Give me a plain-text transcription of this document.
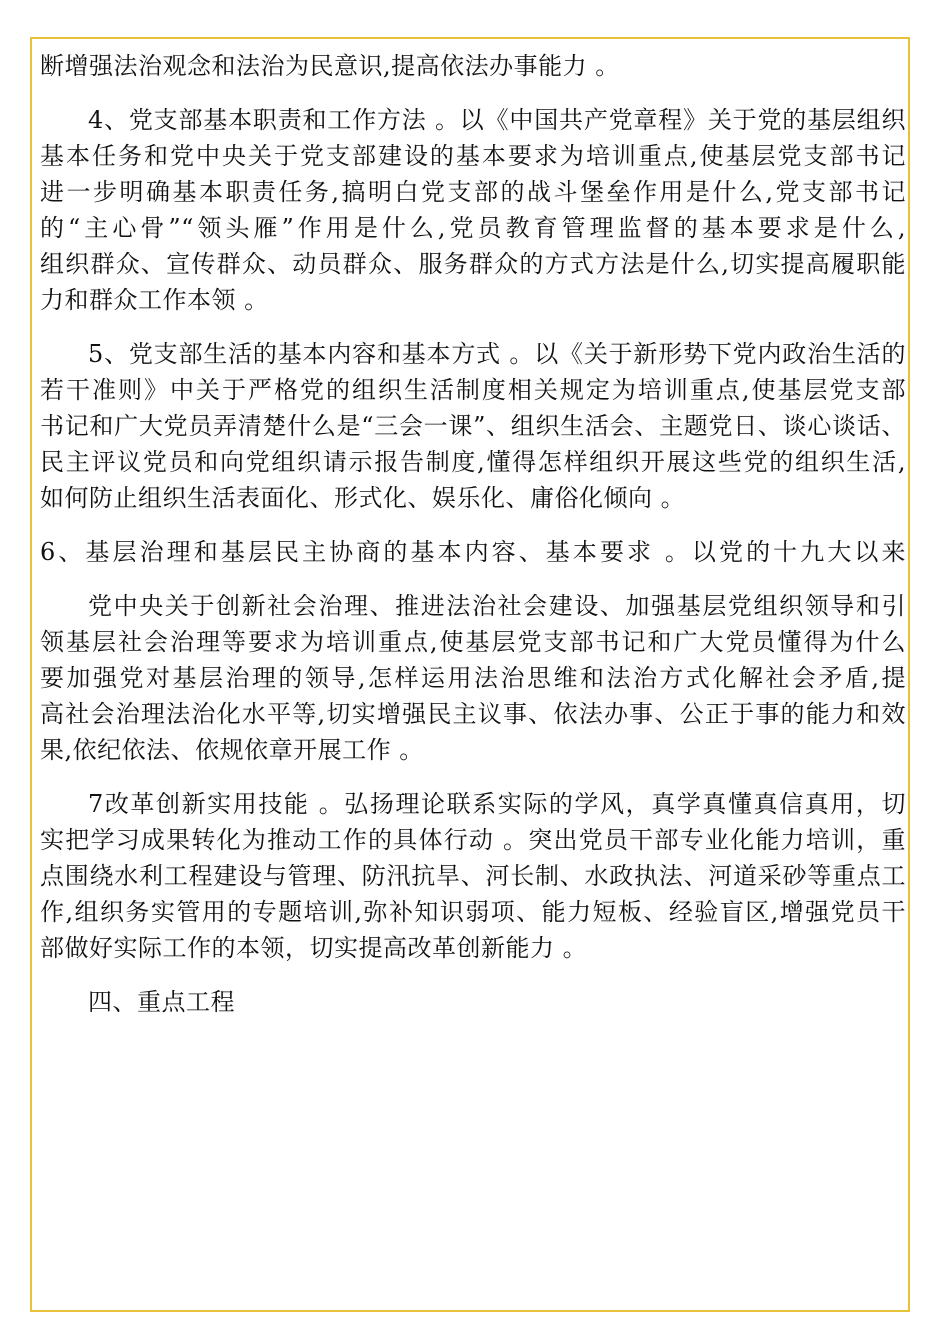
断增强法治观念和法治为民意识,提高依法办事能力 。
4、党支部基本职责和工作方法 。以《中国共产党章程》关于党的基层组织
基本任务和党中央关于党支部建设的基本要求为培训重点,使基层党支部书记
进一步明确基本职责任务,搞明白党支部的战斗堡垒作用是什么,党支部书记
的“主心骨”“领头雁”作用是什么,党员教育管理监督的基本要求是什么,
组织群众、宣传群众、动员群众、服务群众的方式方法是什么,切实提高履职能
力和群众工作本领 。
5、党支部生活的基本内容和基本方式 。以《关于新形势下党内政治生活的
若干准则》中关于严格党的组织生活制度相关规定为培训重点,使基层党支部
书记和广大党员弄清楚什么是“三会一课”、组织生活会、主题党日、谈心谈话、
民主评议党员和向党组织请示报告制度,懂得怎样组织开展这些党的组织生活,
如何防止组织生活表面化、形式化、娱乐化、庸俗化倾向 。
6、基层治理和基层民主协商的基本内容、基本要求 。以党的十九大以来
党中央关于创新社会治理、推进法治社会建设、加强基层党组织领导和引
领基层社会治理等要求为培训重点,使基层党支部书记和广大党员懂得为什么
要加强党对基层治理的领导,怎样运用法治思维和法治方式化解社会矛盾,提
高社会治理法治化水平等,切实增强民主议事、依法办事、公正于事的能力和效
果,依纪依法、依规依章开展工作 。
7改革创新实用技能 。弘扬理论联系实际的学风，真学真懂真信真用，切
实把学习成果转化为推动工作的具体行动 。突出党员干部专业化能力培训，重
点围绕水利工程建设与管理、防汛抗旱、河长制、水政执法、河道采砂等重点工
作,组织务实管用的专题培训,弥补知识弱项、能力短板、经验盲区,增强党员干
部做好实际工作的本领，切实提高改革创新能力 。
四、重点工程
